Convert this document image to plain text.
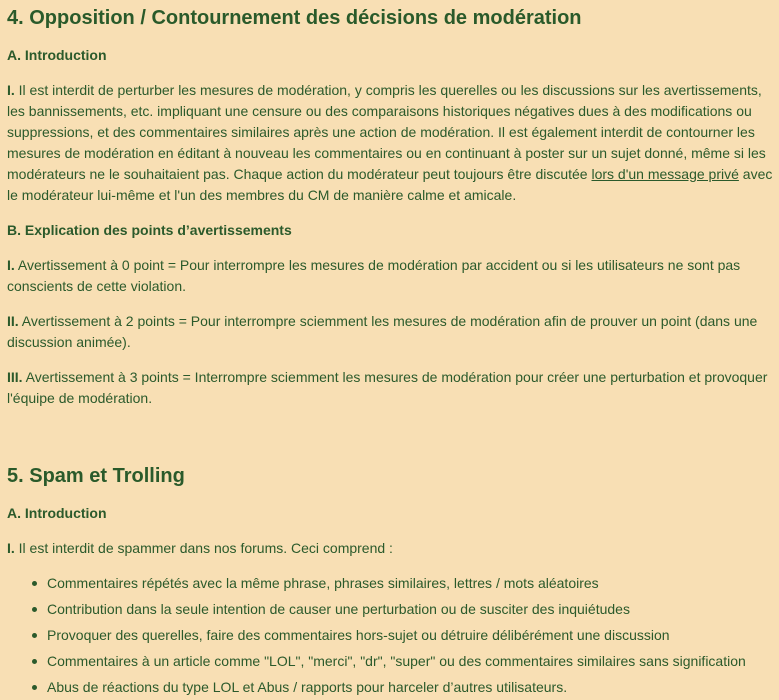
4. Opposition / Contournement des décisions de modération
A. Introduction

I. Il est interdit de perturber les mesures de modération, y compris les querelles ou les discussions sur les avertissements, les bannissements, etc. impliquant une censure ou des comparaisons historiques négatives dues à des modifications ou suppressions, et des commentaires similaires après une action de modération. Il est également interdit de contourner les mesures de modération en éditant à nouveau les commentaires ou en continuant à poster sur un sujet donné, même si les modérateurs ne le souhaitaient pas. Chaque action du modérateur peut toujours être discutée lors d'un message privé avec le modérateur lui-même et l'un des membres du CM de manière calme et amicale.

B. Explication des points d’avertissements

I. Avertissement à 0 point = Pour interrompre les mesures de modération par accident ou si les utilisateurs ne sont pas conscients de cette violation.

II. Avertissement à 2 points = Pour interrompre sciemment les mesures de modération afin de prouver un point (dans une discussion animée).

III. Avertissement à 3 points = Interrompre sciemment les mesures de modération pour créer une perturbation et provoquer l'équipe de modération.

5. Spam et Trolling
A. Introduction

I. Il est interdit de spammer dans nos forums. Ceci comprend :

Commentaires répétés avec la même phrase, phrases similaires, lettres / mots aléatoires
Contribution dans la seule intention de causer une perturbation ou de susciter des inquiétudes
Provoquer des querelles, faire des commentaires hors-sujet ou détruire délibérément une discussion
Commentaires à un article comme "LOL", "merci", "dr", "super" ou des commentaires similaires sans signification
Abus de réactions du type LOL et Abus / rapports pour harceler d’autres utilisateurs.
